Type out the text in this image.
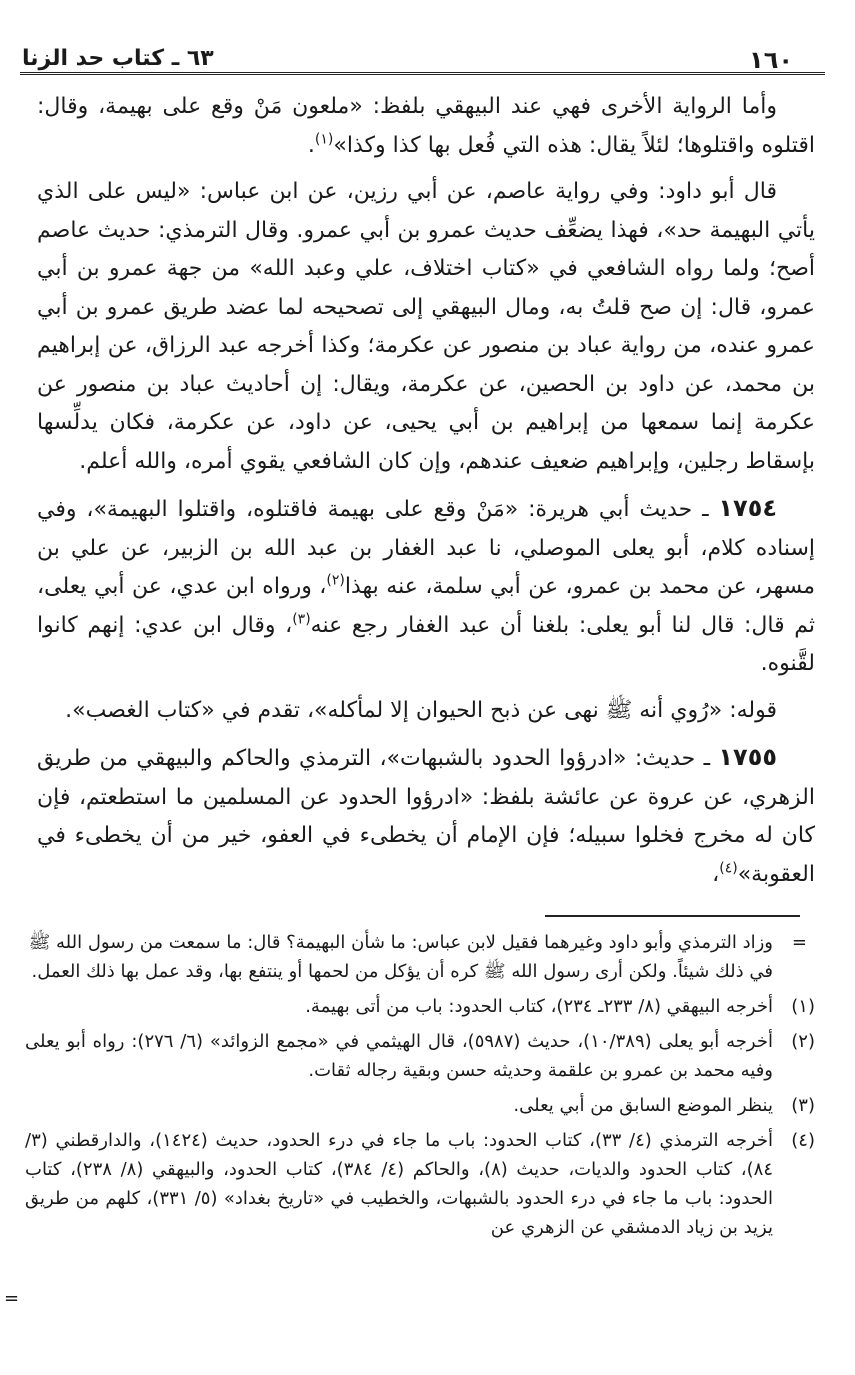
١٦٠
٦٣ ـ كتاب حد الزنا

وأما الرواية الأخرى فهي عند البيهقي بلفظ: «ملعون مَنْ وقع على بهيمة، وقال: اقتلوه واقتلوها؛ لئلاً يقال: هذه التي فُعل بها كذا وكذا»$^{(١)}$.

قال أبو داود: وفي رواية عاصم، عن أبي رزين، عن ابن عباس: «ليس على الذي يأتي البهيمة حد»، فهذا يضعِّف حديث عمرو بن أبي عمرو. وقال الترمذي: حديث عاصم أصح؛ ولما رواه الشافعي في «كتاب اختلاف، علي وعبد الله» من جهة عمرو بن أبي عمرو، قال: إن صح قلتُ به، ومال البيهقي إلى تصحيحه لما عضد طريق عمرو بن أبي عمرو عنده، من رواية عباد بن منصور عن عكرمة؛ وكذا أخرجه عبد الرزاق، عن إبراهيم بن محمد، عن داود بن الحصين، عن عكرمة، ويقال: إن أحاديث عباد بن منصور عن عكرمة إنما سمعها من إبراهيم بن أبي يحيى، عن داود، عن عكرمة، فكان يدلِّسها بإسقاط رجلين، وإبراهيم ضعيف عندهم، وإن كان الشافعي يقوي أمره، والله أعلم.

١٧٥٤ ـ حديث أبي هريرة: «مَنْ وقع على بهيمة فاقتلوه، واقتلوا البهيمة»، وفي إسناده كلام، أبو يعلى الموصلي، نا عبد الغفار بن عبد الله بن الزبير، عن علي بن مسهر، عن محمد بن عمرو، عن أبي سلمة، عنه بهذا$^{(٢)}$، ورواه ابن عدي، عن أبي يعلى، ثم قال: قال لنا أبو يعلى: بلغنا أن عبد الغفار رجع عنه$^{(٣)}$، وقال ابن عدي: إنهم كانوا لقَّنوه.

قوله: «رُوي أنه ﷺ نهى عن ذبح الحيوان إلا لمأكله»، تقدم في «كتاب الغصب».

١٧٥٥ ـ حديث: «ادرؤوا الحدود بالشبهات»، الترمذي والحاكم والبيهقي من طريق الزهري، عن عروة عن عائشة بلفظ: «ادرؤوا الحدود عن المسلمين ما استطعتم، فإن كان له مخرج فخلوا سبيله؛ فإن الإمام أن يخطىء في العفو، خير من أن يخطىء في العقوبة»$^{(٤)}$،

=
وزاد الترمذي وأبو داود وغيرهما فقيل لابن عباس: ما شأن البهيمة؟ قال: ما سمعت من رسول الله ﷺ في ذلك شيئاً. ولكن أرى رسول الله ﷺ كره أن يؤكل من لحمها أو ينتفع بها، وقد عمل بها ذلك العمل.
(١)
أخرجه البيهقي (٨/ ٢٣٣ـ ٢٣٤)، كتاب الحدود: باب من أتى بهيمة.
(٢)
أخرجه أبو يعلى (١٠/٣٨٩)، حديث (٥٩٨٧)، قال الهيثمي في «مجمع الزوائد» (٦/ ٢٧٦): رواه أبو يعلى وفيه محمد بن عمرو بن علقمة وحديثه حسن وبقية رجاله ثقات.
(٣)
ينظر الموضع السابق من أبي يعلى.
(٤)
أخرجه الترمذي (٤/ ٣٣)، كتاب الحدود: باب ما جاء في درء الحدود، حديث (١٤٢٤)، والدارقطني (٣/ ٨٤)، كتاب الحدود والديات، حديث (٨)، والحاكم (٤/ ٣٨٤)، كتاب الحدود، والبيهقي (٨/ ٢٣٨)، كتاب الحدود: باب ما جاء في درء الحدود بالشبهات، والخطيب في «تاريخ بغداد» (٥/ ٣٣١)، كلهم من طريق يزيد بن زياد الدمشقي عن الزهري عن
=
